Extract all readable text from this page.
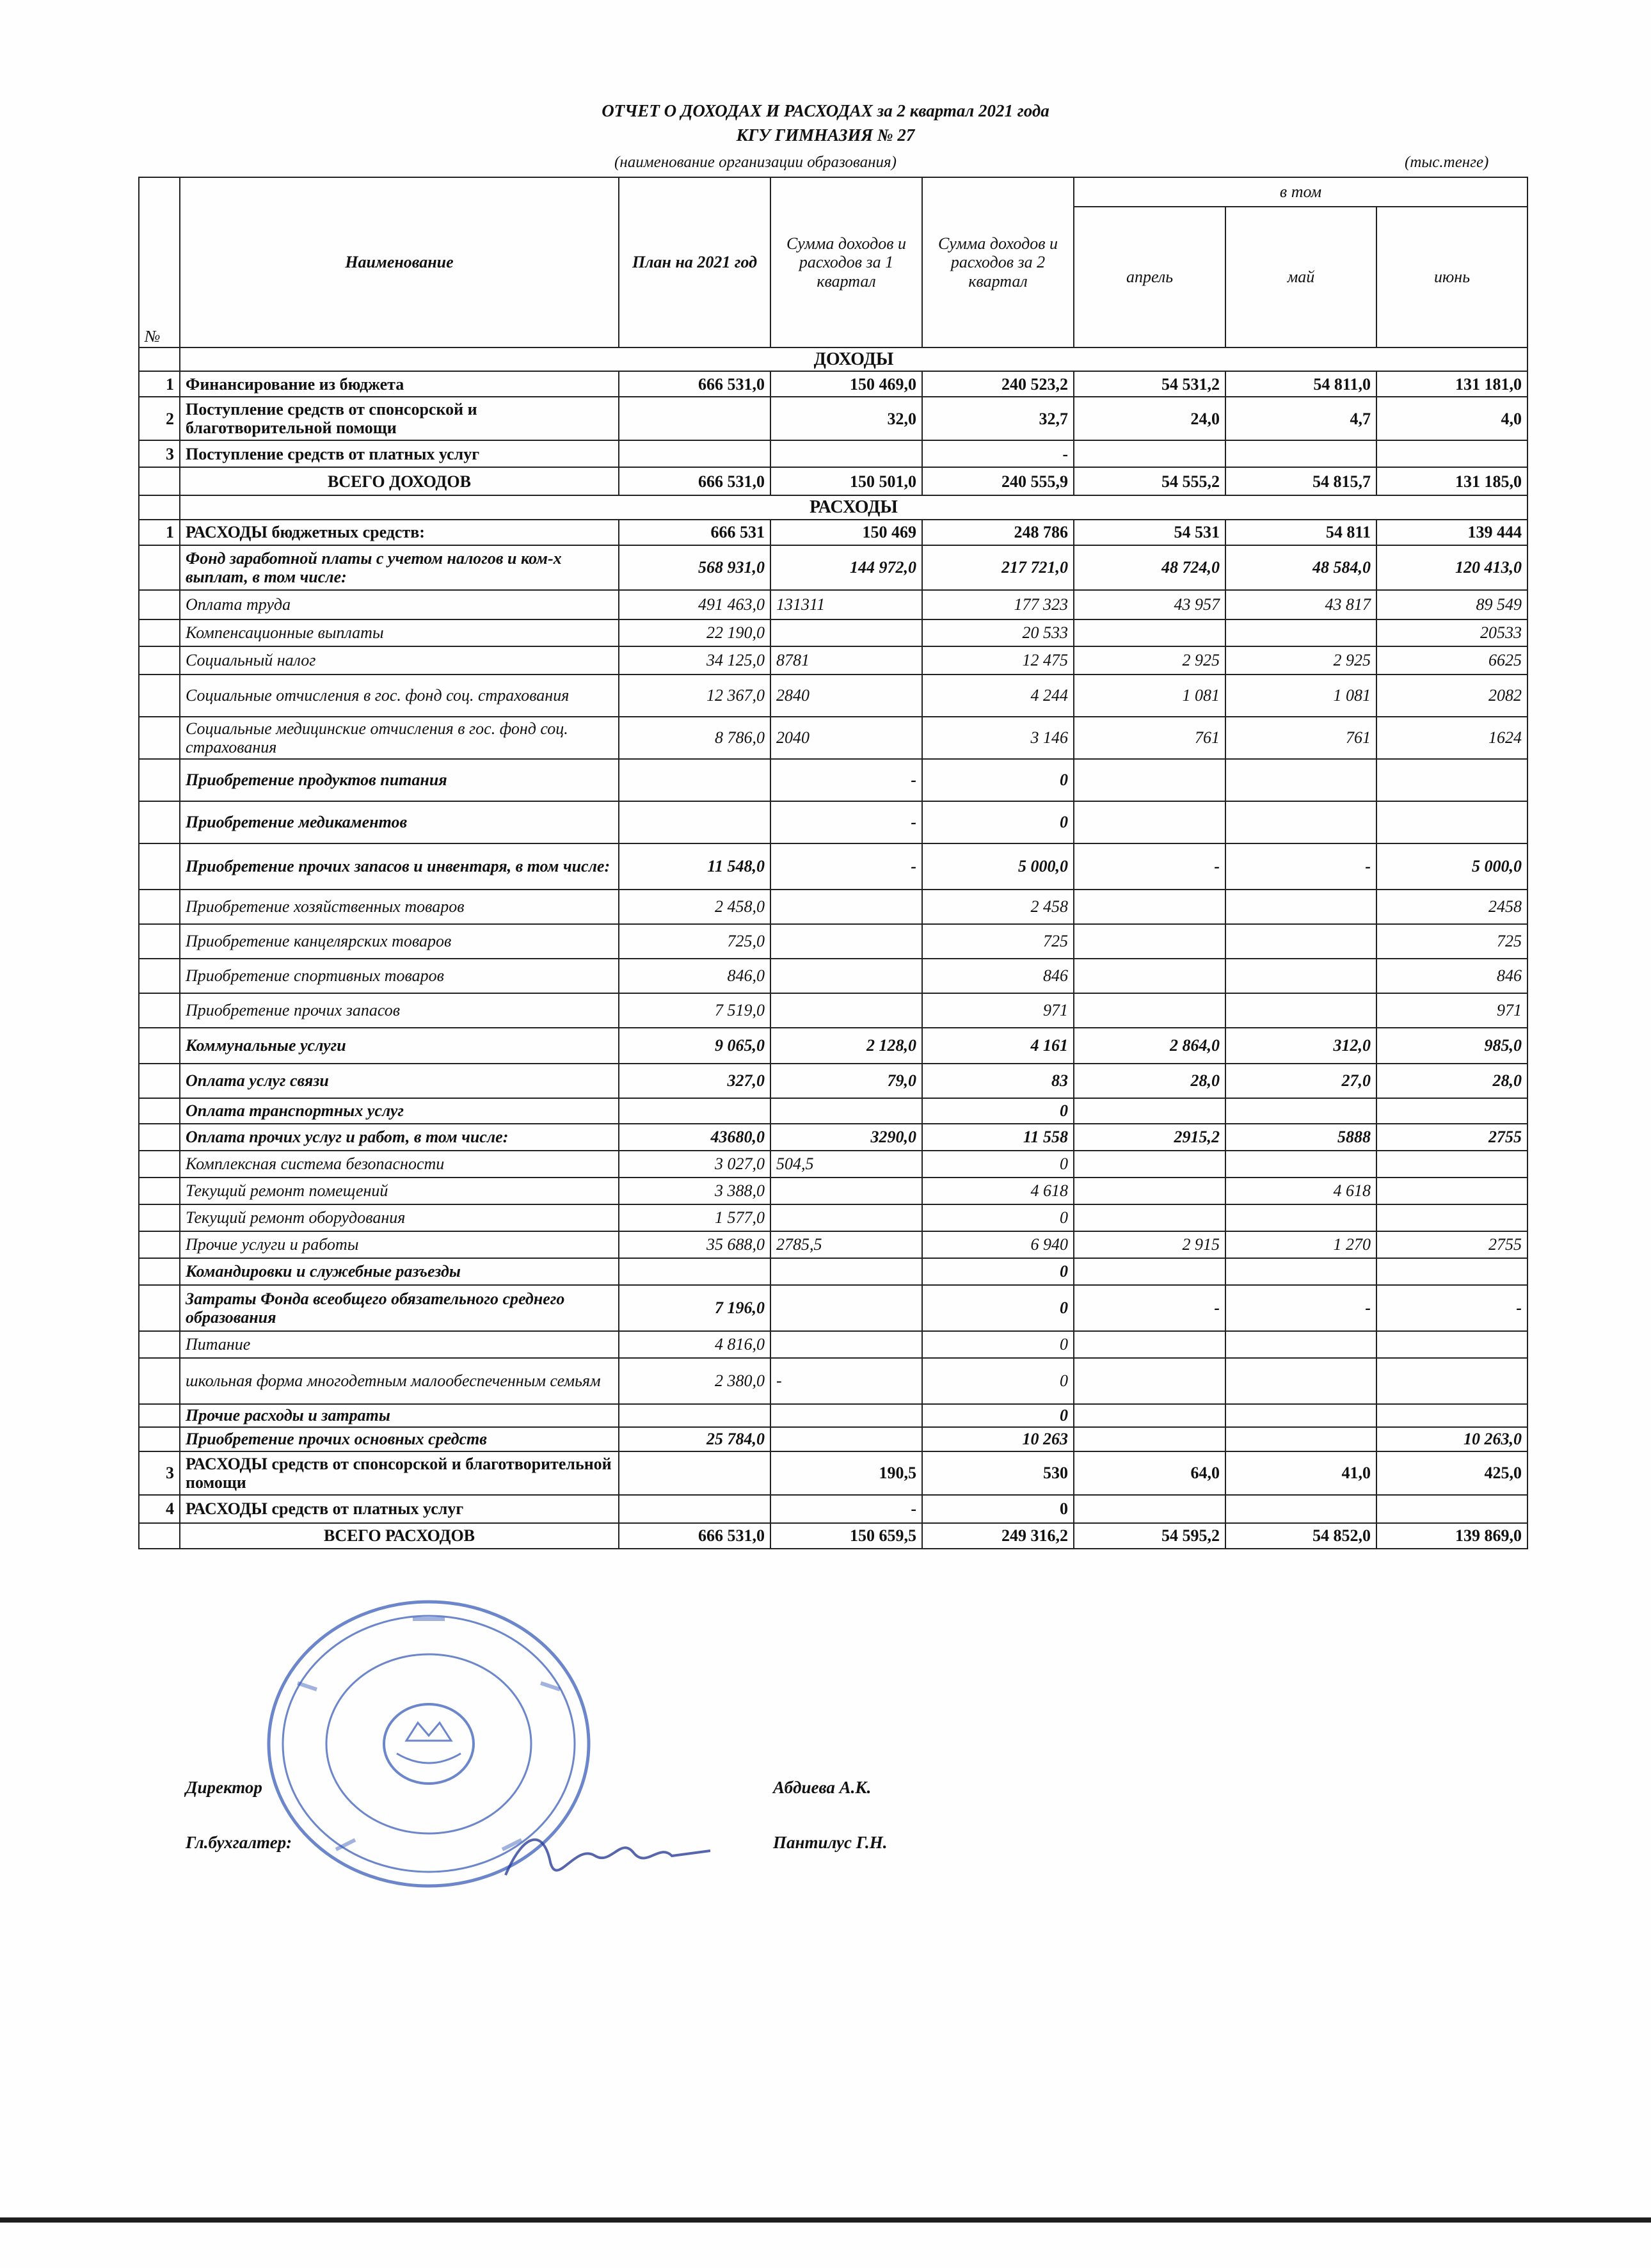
ОТЧЕТ О ДОХОДАХ И РАСХОДАХ за 2 квартал 2021 года
КГУ ГИМНАЗИЯ № 27
(наименование организации образования)	(тыс.тенге)
№	Наименование	План на 2021 год	Сумма доходов и расходов за 1 квартал	Сумма доходов и расходов за 2 квартал	в том		
					апрель	май	июнь
	ДОХОДЫ						
1	Финансирование из бюджета	666 531,0	150 469,0	240 523,2	54 531,2	54 811,0	131 181,0
2	Поступление средств от спонсорской и благотворительной помощи		32,0	32,7	24,0	4,7	4,0
3	Поступление средств от платных услуг			-			
	ВСЕГО ДОХОДОВ	666 531,0	150 501,0	240 555,9	54 555,2	54 815,7	131 185,0
	РАСХОДЫ						
1	РАСХОДЫ бюджетных средств:	666 531	150 469	248 786	54 531	54 811	139 444
	Фонд заработной платы с учетом налогов и ком-х выплат, в том числе:	568 931,0	144 972,0	217 721,0	48 724,0	48 584,0	120 413,0
	Оплата труда	491 463,0	131311	177 323	43 957	43 817	89 549
	Компенсационные выплаты	22 190,0		20 533			20533
	Социальный налог	34 125,0	8781	12 475	2 925	2 925	6625
	Социальные отчисления в гос. фонд соц. страхования	12 367,0	2840	4 244	1 081	1 081	2082
	Социальные медицинские отчисления в гос. фонд соц. страхования	8 786,0	2040	3 146	761	761	1624
	Приобретение продуктов питания		-	0			
	Приобретение медикаментов		-	0			
	Приобретение прочих запасов и инвентаря, в том числе:	11 548,0	-	5 000,0	-	-	5 000,0
	Приобретение хозяйственных товаров	2 458,0		2 458			2458
	Приобретение канцелярских товаров	725,0		725			725
	Приобретение спортивных товаров	846,0		846			846
	Приобретение прочих запасов	7 519,0		971			971
	Коммунальные услуги	9 065,0	2 128,0	4 161	2 864,0	312,0	985,0
	Оплата услуг связи	327,0	79,0	83	28,0	27,0	28,0
	Оплата транспортных услуг			0			
	Оплата прочих услуг и работ, в том числе:	43680,0	3290,0	11 558	2915,2	5888	2755
	Комплексная система безопасности	3 027,0	504,5	0			
	Текущий ремонт помещений	3 388,0		4 618		4 618	
	Текущий ремонт оборудования	1 577,0		0			
	Прочие услуги и работы	35 688,0	2785,5	6 940	2 915	1 270	2755
	Командировки и служебные разъезды			0			
	Затраты Фонда всеобщего обязательного среднего образования	7 196,0		0	-	-	-
	Питание	4 816,0		0			
	школьная форма многодетным малообеспеченным семьям	2 380,0	-	0			
	Прочие расходы и затраты			0			
	Приобретение прочих основных средств	25 784,0		10 263			10 263,0
3	РАСХОДЫ средств от спонсорской и благотворительной помощи		190,5	530	64,0	41,0	425,0
4	РАСХОДЫ средств от платных услуг		-	0			
	ВСЕГО РАСХОДОВ	666 531,0	150 659,5	249 316,2	54 595,2	54 852,0	139 869,0
Директор	Абдиева А.К.
Гл.бухгалтер:	Пантилус Г.Н.
